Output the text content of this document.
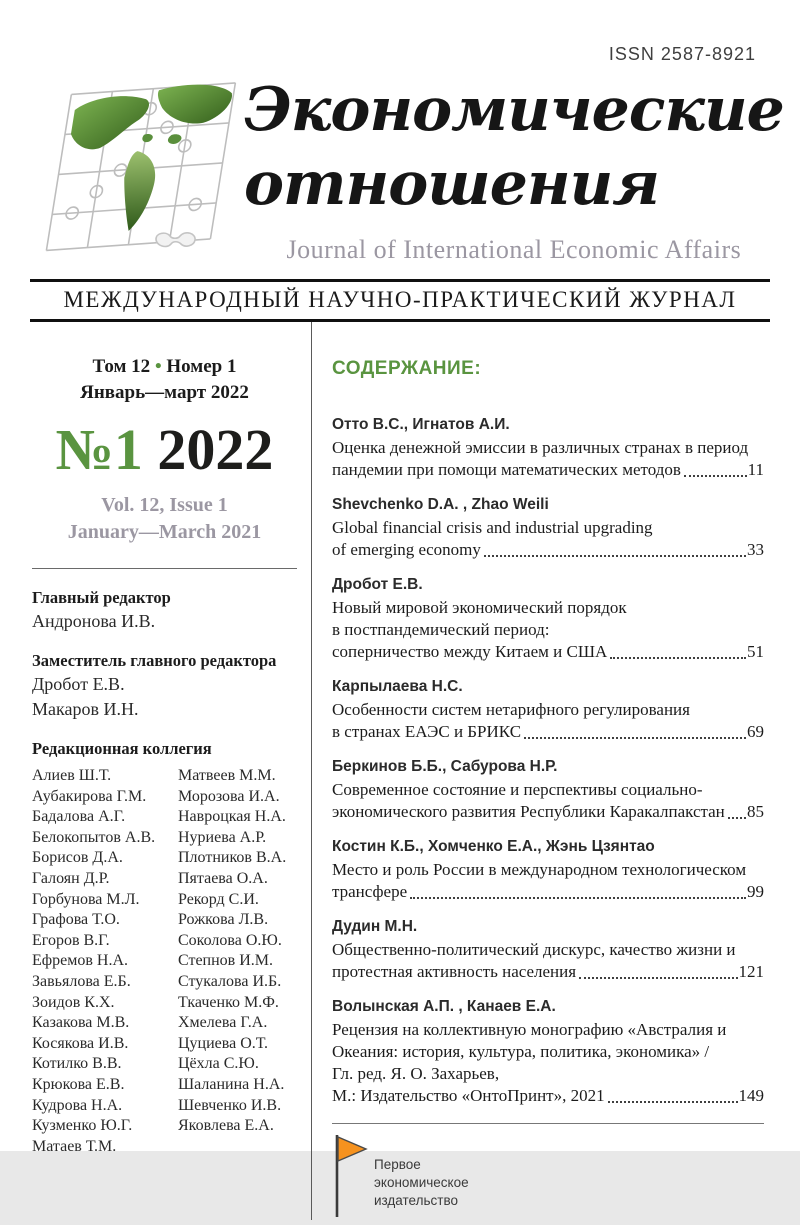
ISSN 2587-8921
Экономические
отношения
Journal of International Economic Affairs
МЕЖДУНАРОДНЫЙ НАУЧНО-ПРАКТИЧЕСКИЙ ЖУРНАЛ
Том 12 • Номер 1
Январь—март 2022
№1 2022
Vol. 12, Issue 1
January—March 2021
Главный редактор
Андронова И.В.
Заместитель главного редактора
Дробот Е.В.
Макаров И.Н.
Редакционная коллегия
Алиев Ш.Т.
Аубакирова Г.М.
Бадалова А.Г.
Белокопытов А.В.
Борисов Д.А.
Галоян Д.Р.
Горбунова М.Л.
Графова Т.О.
Егоров В.Г.
Ефремов Н.А.
Завьялова Е.Б.
Зоидов К.Х.
Казакова М.В.
Косякова И.В.
Котилко В.В.
Крюкова Е.В.
Кудрова Н.А.
Кузменко Ю.Г.
Матаев Т.М.
Матвеев М.М.
Морозова И.А.
Навроцкая Н.А.
Нуриева А.Р.
Плотников В.А.
Пятаева О.А.
Рекорд С.И.
Рожкова Л.В.
Соколова О.Ю.
Степнов И.М.
Стукалова И.Б.
Ткаченко М.Ф.
Хмелева Г.А.
Цуциева О.Т.
Цёхла С.Ю.
Шаланина Н.А.
Шевченко И.В.
Яковлева Е.А.
СОДЕРЖАНИЕ:
Отто В.С., Игнатов А.И.
Оценка денежной эмиссии в различных странах в период
пандемии при помощи математических методов	11
Shevchenko D.A. , Zhao Weili
Global financial crisis and industrial upgrading
of emerging economy	33
Дробот Е.В.
Новый мировой экономический порядок
в постпандемический период:
соперничество между Китаем и США	51
Карпылаева Н.С.
Особенности систем нетарифного регулирования
в странах ЕАЭС и БРИКС	69
Беркинов Б.Б., Сабурова Н.Р.
Современное состояние и перспективы социально-
экономического развития Республики Каракалпакстан 85
Костин К.Б., Хомченко Е.А., Жэнь Цзянтао
Место и роль России в международном технологическом
трансфере	99
Дудин М.Н.
Общественно-политический дискурс, качество жизни и
протестная активность населения	121
Волынская А.П. , Канаев Е.А.
Рецензия на коллективную монографию «Австралия и
Океания: история, культура, политика, экономика» /
Гл. ред. Я. О. Захарьев,
М.: Издательство «ОнтоПринт», 2021	149
Первое
экономическое
издательство
